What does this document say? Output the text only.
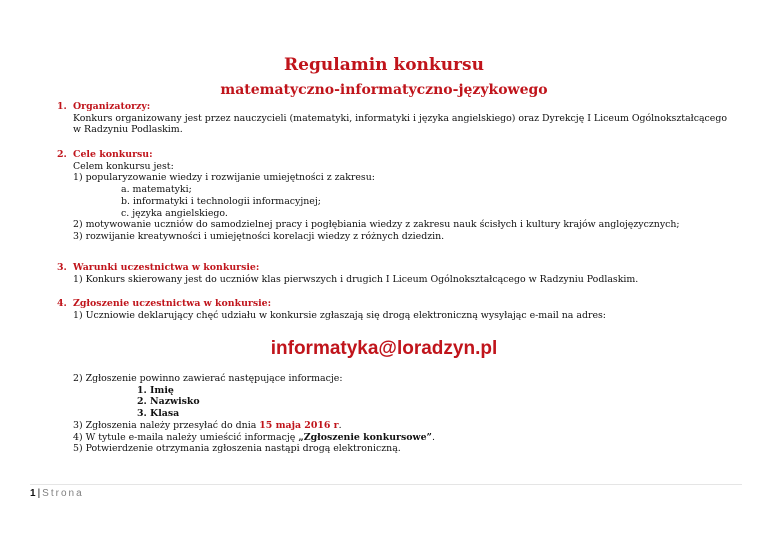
Regulamin konkursu
matematyczno-informatyczno-językowego
1. Organizatorzy:
Konkurs organizowany jest przez nauczycieli (matematyki, informatyki i języka angielskiego) oraz Dyrekcję I Liceum Ogólnokształcącego
w Radzyniu Podlaskim.
2. Cele konkursu:
Celem konkursu jest:
1) popularyzowanie wiedzy i rozwijanie umiejętności z zakresu:
a. matematyki;
b. informatyki i technologii informacyjnej;
c. języka angielskiego.
2) motywowanie uczniów do samodzielnej pracy i pogłębiania wiedzy z zakresu nauk ścisłych i kultury krajów anglojęzycznych;
3) rozwijanie kreatywności i umiejętności korelacji wiedzy z różnych dziedzin.
3. Warunki uczestnictwa w konkursie:
1) Konkurs skierowany jest do uczniów klas pierwszych i drugich I Liceum Ogólnokształcącego w Radzyniu Podlaskim.
4. Zgłoszenie uczestnictwa w konkursie:
1) Uczniowie deklarujący chęć udziału w konkursie zgłaszają się drogą elektroniczną wysyłając e-mail na adres:
informatyka@loradzyn.pl
2) Zgłoszenie powinno zawierać następujące informacje:
1. Imię
2. Nazwisko
3. Klasa
3) Zgłoszenia należy przesyłać do dnia 15 maja 2016 r.
4) W tytule e-maila należy umieścić informację „Zgłoszenie konkursowe”.
5) Potwierdzenie otrzymania zgłoszenia nastąpi drogą elektroniczną.
1 | Strona
